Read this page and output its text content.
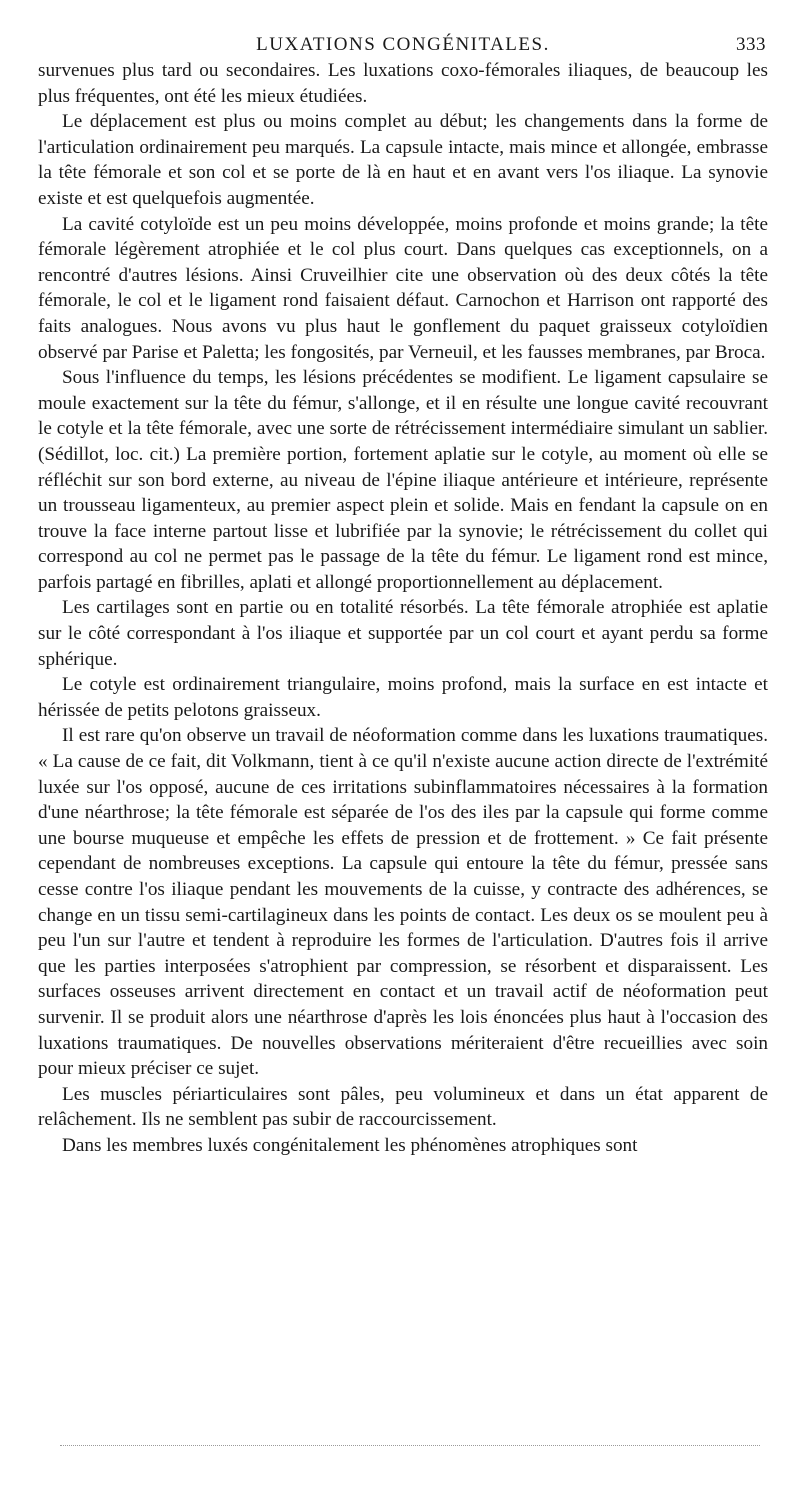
LUXATIONS CONGÉNITALES.	333

survenues plus tard ou secondaires. Les luxations coxo-fémorales iliaques, de beaucoup les plus fréquentes, ont été les mieux étudiées.

Le déplacement est plus ou moins complet au début; les changements dans la forme de l'articulation ordinairement peu marqués. La capsule intacte, mais mince et allongée, embrasse la tête fémorale et son col et se porte de là en haut et en avant vers l'os iliaque. La synovie existe et est quelquefois augmentée.

La cavité cotyloïde est un peu moins développée, moins profonde et moins grande; la tête fémorale légèrement atrophiée et le col plus court. Dans quelques cas exceptionnels, on a rencontré d'autres lésions. Ainsi Cruveilhier cite une observation où des deux côtés la tête fémorale, le col et le ligament rond faisaient défaut. Carnochon et Harrison ont rapporté des faits analogues. Nous avons vu plus haut le gonflement du paquet graisseux cotyloïdien observé par Parise et Paletta; les fongosités, par Verneuil, et les fausses membranes, par Broca.

Sous l'influence du temps, les lésions précédentes se modifient. Le ligament capsulaire se moule exactement sur la tête du fémur, s'allonge, et il en résulte une longue cavité recouvrant le cotyle et la tête fémorale, avec une sorte de rétrécissement intermédiaire simulant un sablier. (Sédillot, loc. cit.) La première portion, fortement aplatie sur le cotyle, au moment où elle se réfléchit sur son bord externe, au niveau de l'épine iliaque antérieure et intérieure, représente un trousseau ligamenteux, au premier aspect plein et solide. Mais en fendant la capsule on en trouve la face interne partout lisse et lubrifiée par la synovie; le rétrécissement du collet qui correspond au col ne permet pas le passage de la tête du fémur. Le ligament rond est mince, parfois partagé en fibrilles, aplati et allongé proportionnellement au déplacement.

Les cartilages sont en partie ou en totalité résorbés. La tête fémorale atrophiée est aplatie sur le côté correspondant à l'os iliaque et supportée par un col court et ayant perdu sa forme sphérique.

Le cotyle est ordinairement triangulaire, moins profond, mais la surface en est intacte et hérissée de petits pelotons graisseux.

Il est rare qu'on observe un travail de néoformation comme dans les luxations traumatiques. « La cause de ce fait, dit Volkmann, tient à ce qu'il n'existe aucune action directe de l'extrémité luxée sur l'os opposé, aucune de ces irritations subinflammatoires nécessaires à la formation d'une néarthrose; la tête fémorale est séparée de l'os des iles par la capsule qui forme comme une bourse muqueuse et empêche les effets de pression et de frottement. » Ce fait présente cependant de nombreuses exceptions. La capsule qui entoure la tête du fémur, pressée sans cesse contre l'os iliaque pendant les mouvements de la cuisse, y contracte des adhérences, se change en un tissu semi-cartilagineux dans les points de contact. Les deux os se moulent peu à peu l'un sur l'autre et tendent à reproduire les formes de l'articulation. D'autres fois il arrive que les parties interposées s'atrophient par compression, se résorbent et disparaissent. Les surfaces osseuses arrivent directement en contact et un travail actif de néoformation peut survenir. Il se produit alors une néarthrose d'après les lois énoncées plus haut à l'occasion des luxations traumatiques. De nouvelles observations mériteraient d'être recueillies avec soin pour mieux préciser ce sujet.

Les muscles périarticulaires sont pâles, peu volumineux et dans un état apparent de relâchement. Ils ne semblent pas subir de raccourcissement.

Dans les membres luxés congénitalement les phénomènes atrophiques sont
